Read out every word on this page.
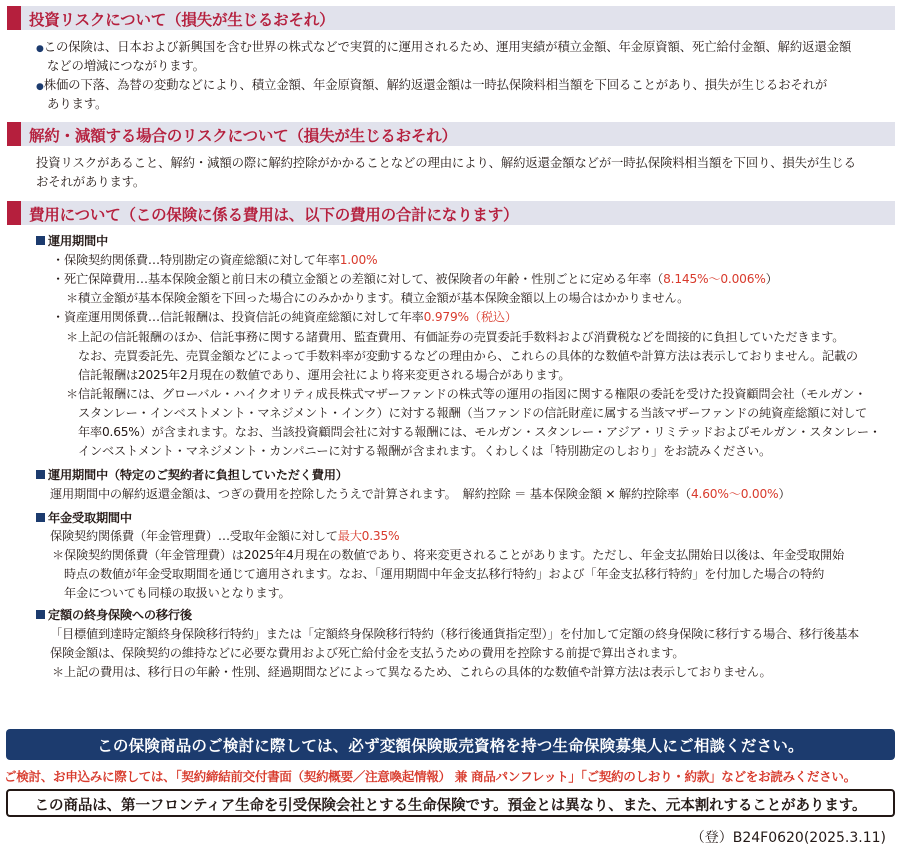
投資リスクについて（損失が生じるおそれ）
●この保険は、日本および新興国を含む世界の株式などで実質的に運用されるため、運用実績が積立金額、年金原資額、死亡給付金額、解約返還金額
などの増減につながります。
●株価の下落、為替の変動などにより、積立金額、年金原資額、解約返還金額は一時払保険料相当額を下回ることがあり、損失が生じるおそれが
あります。
解約・減額する場合のリスクについて（損失が生じるおそれ）
投資リスクがあること、解約・減額の際に解約控除がかかることなどの理由により、解約返還金額などが一時払保険料相当額を下回り、損失が生じる
おそれがあります。
費用について（この保険に係る費用は、以下の費用の合計になります）
運用期間中
・保険契約関係費…特別勘定の資産総額に対して年率1.00%
・死亡保障費用…基本保険金額と前日末の積立金額との差額に対して、被保険者の年齢・性別ごとに定める年率（8.145%～0.006%）
＊積立金額が基本保険金額を下回った場合にのみかかります。積立金額が基本保険金額以上の場合はかかりません。
・資産運用関係費…信託報酬は、投資信託の純資産総額に対して年率0.979%（税込）
＊上記の信託報酬のほか、信託事務に関する諸費用、監査費用、有価証券の売買委託手数料および消費税などを間接的に負担していただきます。
なお、売買委託先、売買金額などによって手数料率が変動するなどの理由から、これらの具体的な数値や計算方法は表示しておりません。記載の
信託報酬は2025年2月現在の数値であり、運用会社により将来変更される場合があります。
＊信託報酬には、グローバル・ハイクオリティ成長株式マザーファンドの株式等の運用の指図に関する権限の委託を受けた投資顧問会社（モルガン・
スタンレー・インベストメント・マネジメント・インク）に対する報酬（当ファンドの信託財産に属する当該マザーファンドの純資産総額に対して
年率0.65%）が含まれます。なお、当該投資顧問会社に対する報酬には、モルガン・スタンレー・アジア・リミテッドおよびモルガン・スタンレー・
インベストメント・マネジメント・カンパニーに対する報酬が含まれます。くわしくは「特別勘定のしおり」をお読みください。
運用期間中（特定のご契約者に負担していただく費用）
運用期間中の解約返還金額は、つぎの費用を控除したうえで計算されます。　解約控除 ＝ 基本保険金額 × 解約控除率（4.60%～0.00%）
年金受取期間中
保険契約関係費（年金管理費）…受取年金額に対して最大0.35%
＊保険契約関係費（年金管理費）は2025年4月現在の数値であり、将来変更されることがあります。ただし、年金支払開始日以後は、年金受取開始
時点の数値が年金受取期間を通じて適用されます。なお、「運用期間中年金支払移行特約」および「年金支払移行特約」を付加した場合の特約
年金についても同様の取扱いとなります。
定額の終身保険への移行後
「目標値到達時定額終身保険移行特約」または「定額終身保険移行特約（移行後通貨指定型）」を付加して定額の終身保険に移行する場合、移行後基本
保険金額は、保険契約の維持などに必要な費用および死亡給付金を支払うための費用を控除する前提で算出されます。
＊上記の費用は、移行日の年齢・性別、経過期間などによって異なるため、これらの具体的な数値や計算方法は表示しておりません。
この保険商品のご検討に際しては、必ず変額保険販売資格を持つ生命保険募集人にご相談ください。
ご検討、お申込みに際しては、「契約締結前交付書面（契約概要／注意喚起情報） 兼 商品パンフレット」「ご契約のしおり・約款」などをお読みください。
この商品は、第一フロンティア生命を引受保険会社とする生命保険です。預金とは異なり、また、元本割れすることがあります。
（登）B24F0620(2025.3.11)
